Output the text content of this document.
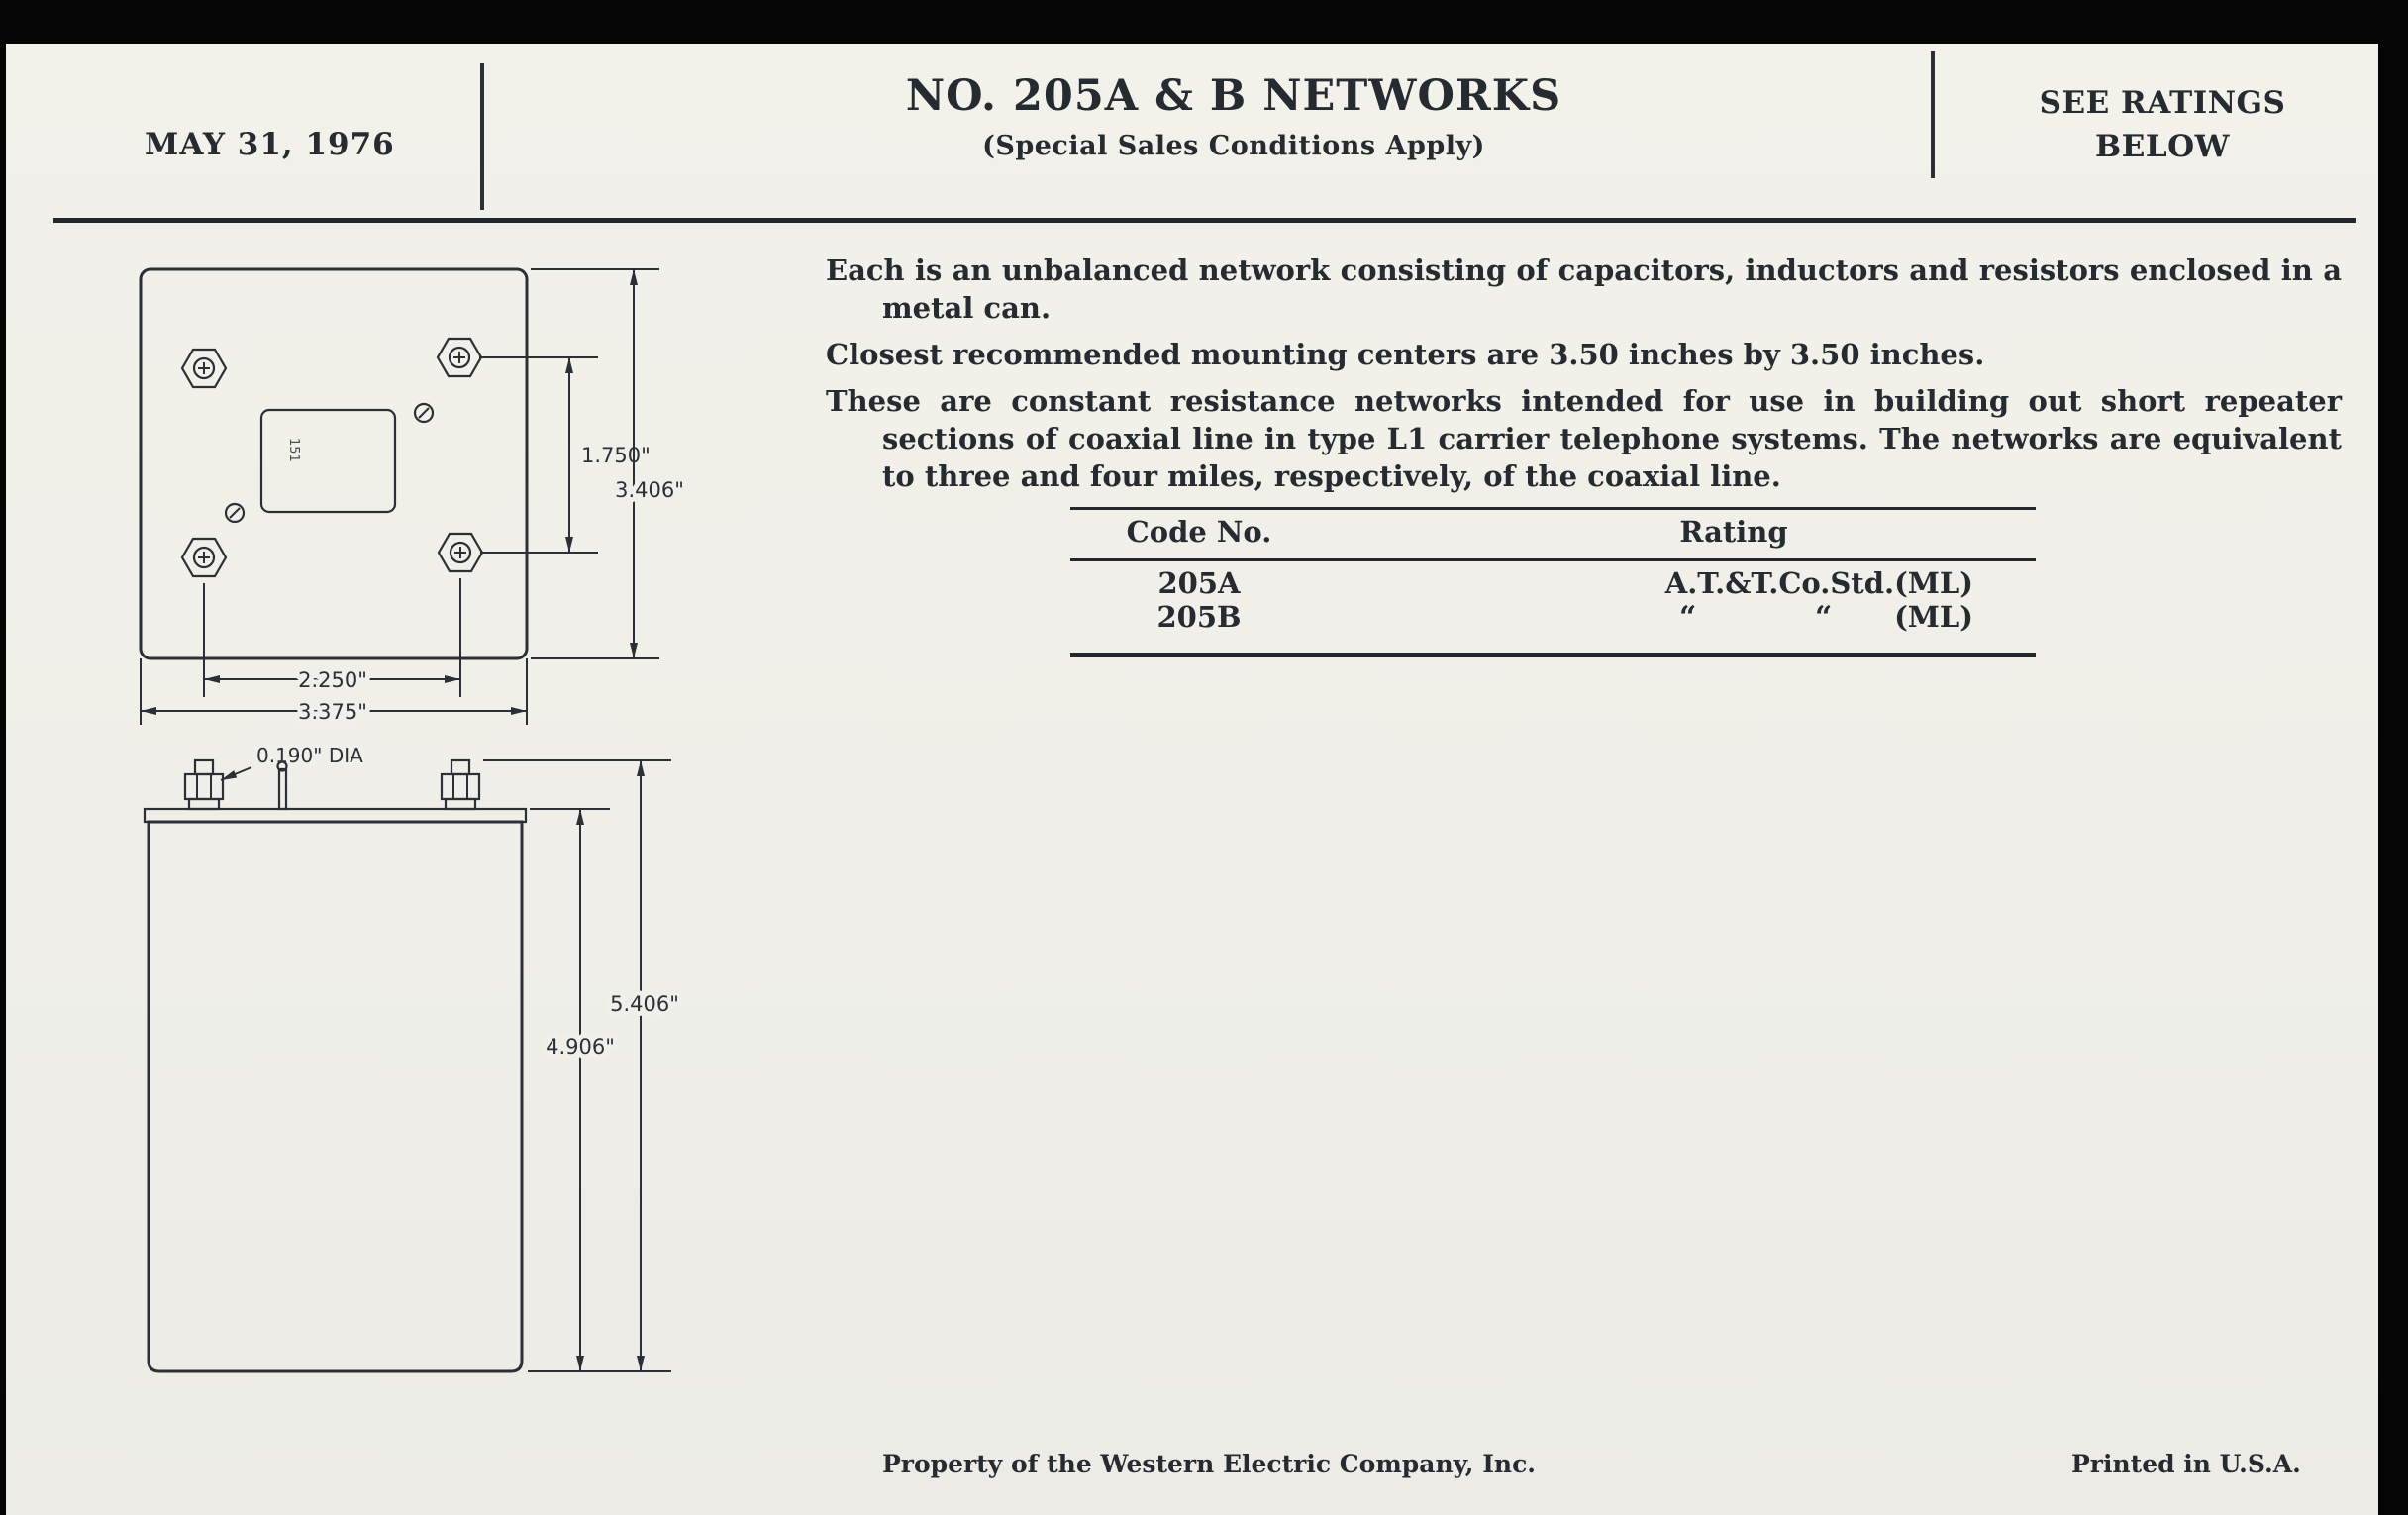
MAY 31, 1976
NO. 205A & B NETWORKS
(Special Sales Conditions Apply)
SEE RATINGS
BELOW

Each is an unbalanced network consisting of capacitors, inductors and resistors enclosed in a metal can.

Closest recommended mounting centers are 3.50 inches by 3.50 inches.

These are constant resistance networks intended for use in building out short repeater sections of coaxial line in type L1 carrier telephone systems. The networks are equivalent to three and four miles, respectively, of the coaxial line.

Code No.	Rating
205A	A.T.&T.Co.Std.(ML)
205B	“	“	(ML)
151	1.750"
3.406"
2.250"
3.375"
0.190" DIA
4.906"
5.406"
Property of the Western Electric Company, Inc.	Printed in U.S.A.
